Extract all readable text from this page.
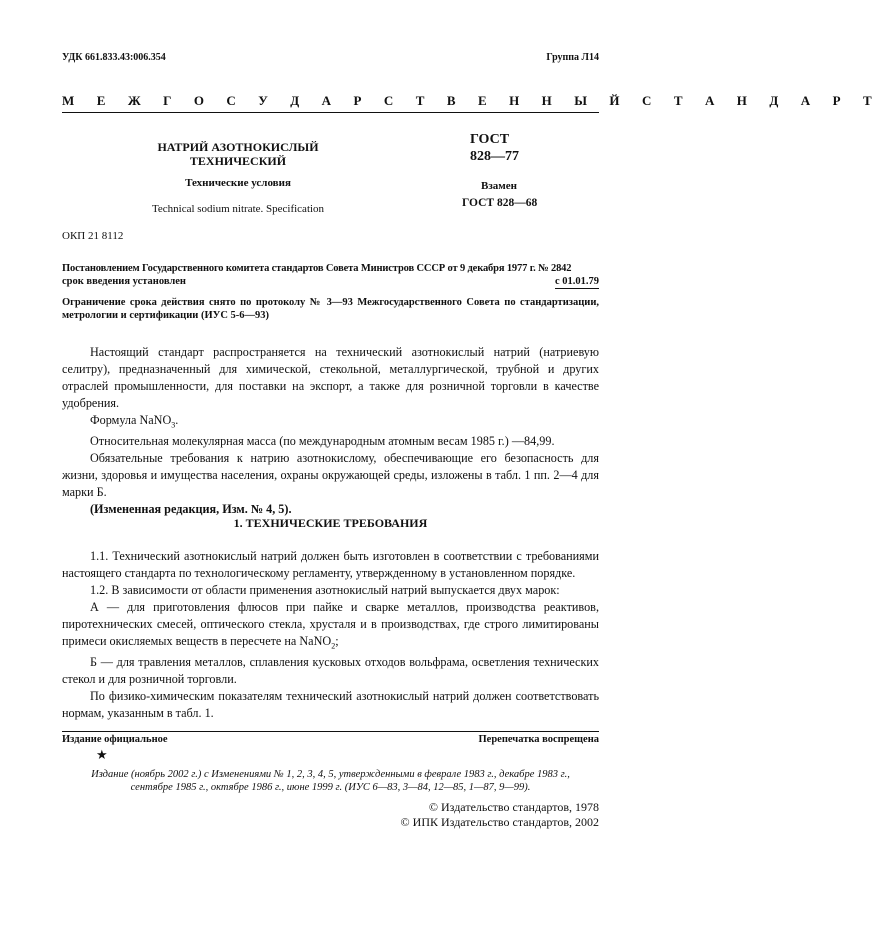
УДК 661.833.43:006.354	Группа Л14
М Е Ж Г О С У Д А Р С Т В Е Н Н Ы Й С Т А Н Д А Р Т
НАТРИЙ АЗОТНОКИСЛЫЙ
ТЕХНИЧЕСКИЙ
Технические условия
Technical sodium nitrate. Specification
ГОСТ
828—77
Взамен
ГОСТ 828—68
ОКП 21 8112
Постановлением Государственного комитета стандартов Совета Министров СССР от 9 декабря 1977 г. № 2842
срок введения установлен	с 01.01.79
Ограничение срока действия снято по протоколу № 3—93 Межгосударственного Совета по стандартизации, метрологии и сертификации (ИУС 5-6—93)

Настоящий стандарт распространяется на технический азотнокислый натрий (натриевую селитру), предназначенный для химической, стекольной, металлургической, трубной и других отраслей промышленности, для поставки на экспорт, а также для розничной торговли в качестве удобрения.

Формула NaNO$_3$.

Относительная молекулярная масса (по международным атомным весам 1985 г.) —84,99.

Обязательные требования к натрию азотнокислому, обеспечивающие его безопасность для жизни, здоровья и имущества населения, охраны окружающей среды, изложены в табл. 1 пп. 2—4 для марки Б.

(Измененная редакция, Изм. № 4, 5).

1. ТЕХНИЧЕСКИЕ ТРЕБОВАНИЯ

1.1. Технический азотнокислый натрий должен быть изготовлен в соответствии с требованиями настоящего стандарта по технологическому регламенту, утвержденному в установленном порядке.

1.2. В зависимости от области применения азотнокислый натрий выпускается двух марок:

А — для приготовления флюсов при пайке и сварке металлов, производства реактивов, пиротехнических смесей, оптического стекла, хрусталя и в производствах, где строго лимитированы примеси окисляемых веществ в пересчете на NaNO$_2$;

Б — для травления металлов, сплавления кусковых отходов вольфрама, осветления технических стекол и для розничной торговли.

По физико-химическим показателям технический азотнокислый натрий должен соответствовать нормам, указанным в табл. 1.

Издание официальное	Перепечатка воспрещена
★
Издание (ноябрь 2002 г.) с Изменениями № 1, 2, 3, 4, 5, утвержденными в феврале 1983 г., декабре 1983 г.,
сентябре 1985 г., октябре 1986 г., июне 1999 г. (ИУС 6—83, 3—84, 12—85, 1—87, 9—99).
© Издательство стандартов, 1978
© ИПК Издательство стандартов, 2002
